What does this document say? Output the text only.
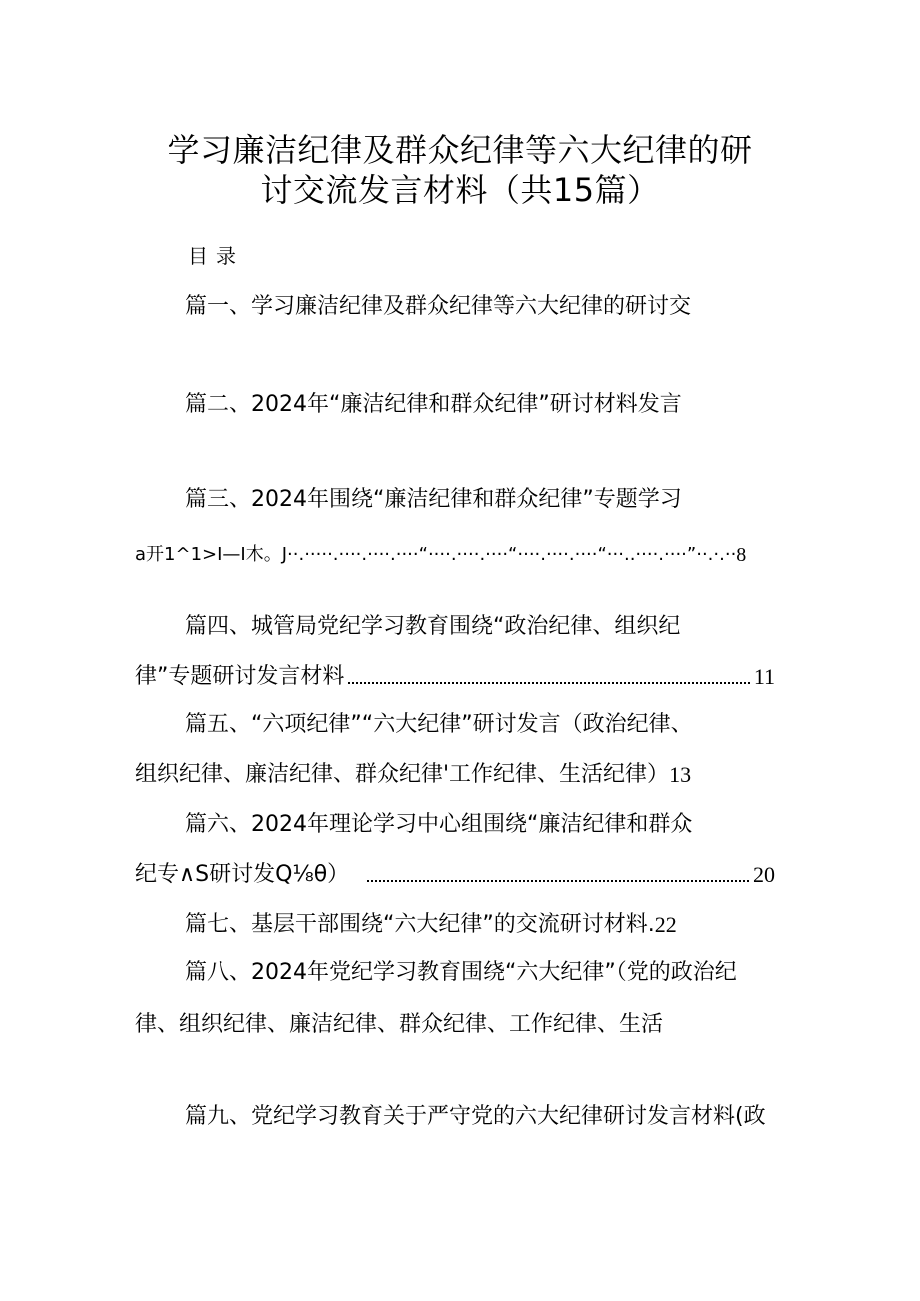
学习廉洁纪律及群众纪律等六大纪律的研
讨交流发言材料（共15篇）
目录
篇一、学习廉洁纪律及群众纪律等六大纪律的研讨交
篇二、2024年“廉洁纪律和群众纪律”研讨材料发言
篇三、2024年围绕“廉洁纪律和群众纪律”专题学习
a开1^1>I—I木。J··.·····.····.····.····“····.····.····“····.····.····“···..····.····”··.·.·· 8
篇四、城管局党纪学习教育围绕“政治纪律、组织纪
律”专题研讨发言材料	11
篇五、“六项纪律”“六大纪律”研讨发言（政治纪律、
组织纪律、廉洁纪律、群众纪律'工作纪律、生活纪律） 13
篇六、2024年理论学习中心组围绕“廉洁纪律和群众
纪专∧S研讨发Q⅛θ）	20
篇七、基层干部围绕“六大纪律”的交流研讨材料 . 22
篇八、2024年党纪学习教育围绕“六大纪律”（党的政治纪
律、组织纪律、廉洁纪律、群众纪律、工作纪律、生活
篇九、党纪学习教育关于严守党的六大纪律研讨发言材料(政
